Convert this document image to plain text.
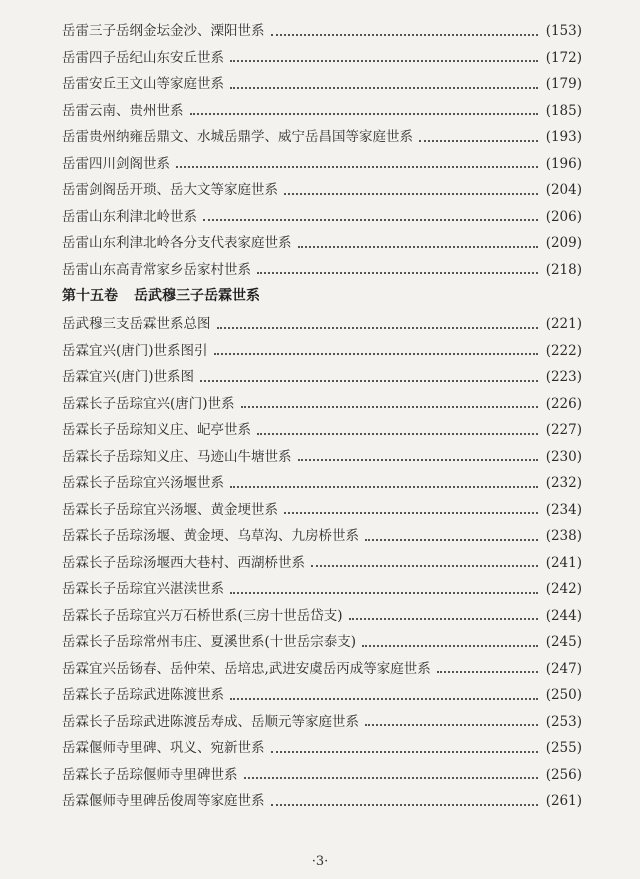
岳雷三子岳纲金坛金沙、溧阳世系	(153)
岳雷四子岳纪山东安丘世系	(172)
岳雷安丘王文山等家庭世系	(179)
岳雷云南、贵州世系	(185)
岳雷贵州纳雍岳鼎文、水城岳鼎学、威宁岳昌国等家庭世系	(193)
岳雷四川剑阁世系	(196)
岳雷剑阁岳开琐、岳大文等家庭世系	(204)
岳雷山东利津北岭世系	(206)
岳雷山东利津北岭各分支代表家庭世系	(209)
岳雷山东高青常家乡岳家村世系	(218)
第十五卷 岳武穆三子岳霖世系
岳武穆三支岳霖世系总图	(221)
岳霖宜兴(唐门)世系图引	(222)
岳霖宜兴(唐门)世系图	(223)
岳霖长子岳琮宜兴(唐门)世系	(226)
岳霖长子岳琮知义庄、屺亭世系	(227)
岳霖长子岳琮知义庄、马迹山牛塘世系	(230)
岳霖长子岳琮宜兴汤堰世系	(232)
岳霖长子岳琮宜兴汤堰、黄金埂世系	(234)
岳霖长子岳琮汤堰、黄金埂、乌草沟、九房桥世系	(238)
岳霖长子岳琮汤堰西大巷村、西湖桥世系	(241)
岳霖长子岳琮宜兴湛渎世系	(242)
岳霖长子岳琮宜兴万石桥世系(三房十世岳岱支)	(244)
岳霖长子岳琮常州韦庄、夏溪世系(十世岳宗泰支)	(245)
岳霖宜兴岳钖春、岳仲荣、岳培忠,武进安虞岳丙成等家庭世系	(247)
岳霖长子岳琮武进陈渡世系	(250)
岳霖长子岳琮武进陈渡岳寿成、岳顺元等家庭世系	(253)
岳霖偃师寺里碑、巩义、宛新世系	(255)
岳霖长子岳琮偃师寺里碑世系	(256)
岳霖偃师寺里碑岳俊周等家庭世系	(261)
·3·
